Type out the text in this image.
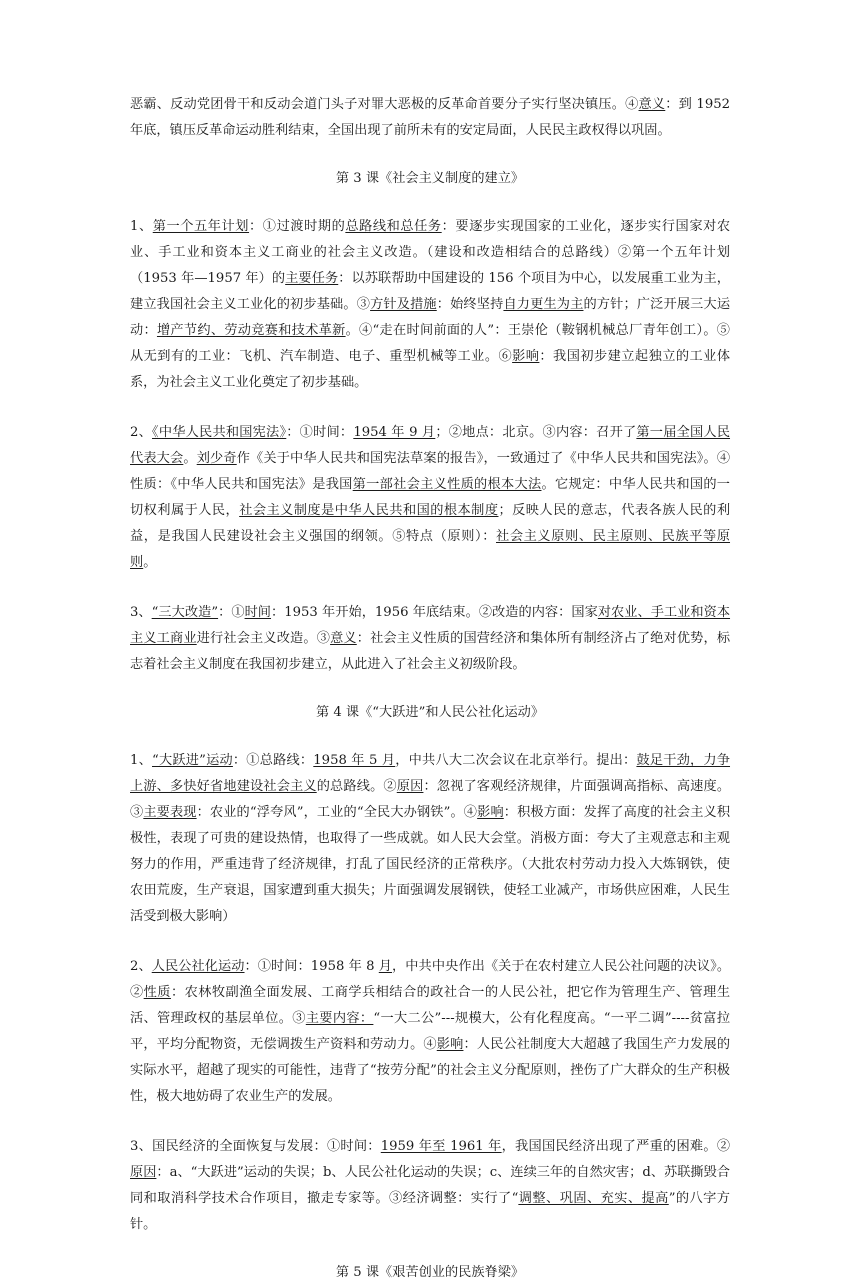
恶霸、反动党团骨干和反动会道门头子对罪大恶极的反革命首要分子实行坚决镇压。④意义：到 1952 年底，镇压反革命运动胜利结束，全国出现了前所未有的安定局面，人民民主政权得以巩固。

第 3 课《社会主义制度的建立》

1、第一个五年计划：①过渡时期的总路线和总任务：要逐步实现国家的工业化，逐步实行国家对农业、手工业和资本主义工商业的社会主义改造。（建设和改造相结合的总路线）②第一个五年计划（1953 年—1957 年）的主要任务：以苏联帮助中国建设的 156 个项目为中心，以发展重工业为主，建立我国社会主义工业化的初步基础。③方针及措施：始终坚持自力更生为主的方针；广泛开展三大运动：增产节约、劳动竞赛和技术革新。④“走在时间前面的人”：王崇伦（鞍钢机械总厂青年创工）。⑤从无到有的工业：飞机、汽车制造、电子、重型机械等工业。⑥影响：我国初步建立起独立的工业体系，为社会主义工业化奠定了初步基础。

2、《中华人民共和国宪法》：①时间：1954 年 9 月；②地点：北京。③内容：召开了第一届全国人民代表大会。刘少奇作《关于中华人民共和国宪法草案的报告》，一致通过了《中华人民共和国宪法》。④性质：《中华人民共和国宪法》是我国第一部社会主义性质的根本大法。它规定：中华人民共和国的一切权利属于人民，社会主义制度是中华人民共和国的根本制度；反映人民的意志，代表各族人民的利益，是我国人民建设社会主义强国的纲领。⑤特点（原则）：社会主义原则、民主原则、民族平等原则。

3、“三大改造”：①时间：1953 年开始，1956 年底结束。②改造的内容：国家对农业、手工业和资本主义工商业进行社会主义改造。③意义：社会主义性质的国营经济和集体所有制经济占了绝对优势，标志着社会主义制度在我国初步建立，从此进入了社会主义初级阶段。

第 4 课《“大跃进”和人民公社化运动》

1、“大跃进”运动：①总路线：1958 年 5 月，中共八大二次会议在北京举行。提出：鼓足干劲，力争上游、多快好省地建设社会主义的总路线。②原因：忽视了客观经济规律，片面强调高指标、高速度。③主要表现：农业的“浮夸风”，工业的“全民大办钢铁”。④影响：积极方面：发挥了高度的社会主义积极性，表现了可贵的建设热情，也取得了一些成就。如人民大会堂。消极方面：夸大了主观意志和主观努力的作用，严重违背了经济规律，打乱了国民经济的正常秩序。（大批农村劳动力投入大炼钢铁，使农田荒废，生产衰退，国家遭到重大损失；片面强调发展钢铁，使轻工业减产，市场供应困难，人民生活受到极大影响）

2、人民公社化运动：①时间：1958 年 8 月，中共中央作出《关于在农村建立人民公社问题的决议》。②性质：农林牧副渔全面发展、工商学兵相结合的政社合一的人民公社，把它作为管理生产、管理生活、管理政权的基层单位。③主要内容：“一大二公”---规模大，公有化程度高。“一平二调”----贫富拉平，平均分配物资，无偿调拨生产资料和劳动力。④影响：人民公社制度大大超越了我国生产力发展的实际水平，超越了现实的可能性，违背了“按劳分配”的社会主义分配原则，挫伤了广大群众的生产积极性，极大地妨碍了农业生产的发展。

3、国民经济的全面恢复与发展：①时间：1959 年至 1961 年，我国国民经济出现了严重的困难。②原因：a、“大跃进”运动的失误；b、人民公社化运动的失误；c、连续三年的自然灾害；d、苏联撕毁合同和取消科学技术合作项目，撤走专家等。③经济调整：实行了“调整、巩固、充实、提高”的八字方针。

第 5 课《艰苦创业的民族脊梁》
